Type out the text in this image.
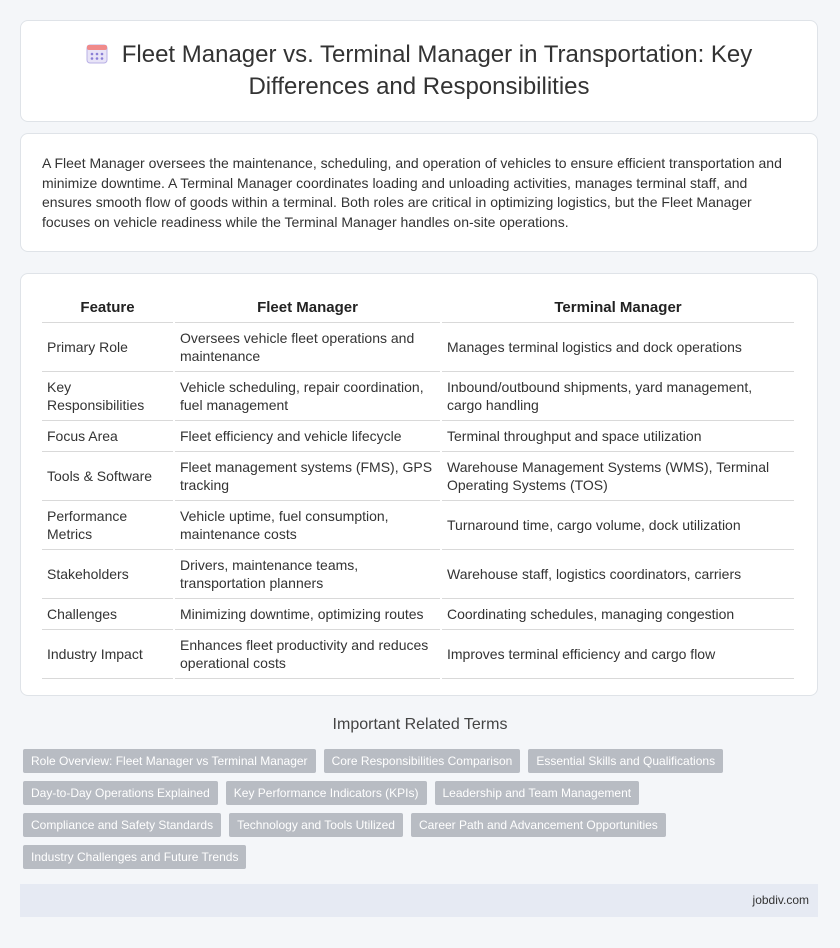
Fleet Manager vs. Terminal Manager in Transportation: Key Differences and Responsibilities

A Fleet Manager oversees the maintenance, scheduling, and operation of vehicles to ensure efficient transportation and minimize downtime. A Terminal Manager coordinates loading and unloading activities, manages terminal staff, and ensures smooth flow of goods within a terminal. Both roles are critical in optimizing logistics, but the Fleet Manager focuses on vehicle readiness while the Terminal Manager handles on-site operations.

Feature	Fleet Manager	Terminal Manager
Primary Role	Oversees vehicle fleet operations and maintenance	Manages terminal logistics and dock operations
Key Responsibilities	Vehicle scheduling, repair coordination, fuel management	Inbound/outbound shipments, yard management, cargo handling
Focus Area	Fleet efficiency and vehicle lifecycle	Terminal throughput and space utilization
Tools & Software	Fleet management systems (FMS), GPS tracking	Warehouse Management Systems (WMS), Terminal Operating Systems (TOS)
Performance Metrics	Vehicle uptime, fuel consumption, maintenance costs	Turnaround time, cargo volume, dock utilization
Stakeholders	Drivers, maintenance teams, transportation planners	Warehouse staff, logistics coordinators, carriers
Challenges	Minimizing downtime, optimizing routes	Coordinating schedules, managing congestion
Industry Impact	Enhances fleet productivity and reduces operational costs	Improves terminal efficiency and cargo flow
Important Related Terms
Role Overview: Fleet Manager vs Terminal Manager	Core Responsibilities Comparison	Essential Skills and Qualifications
Day-to-Day Operations Explained	Key Performance Indicators (KPIs)	Leadership and Team Management
Compliance and Safety Standards	Technology and Tools Utilized	Career Path and Advancement Opportunities
Industry Challenges and Future Trends
jobdiv.com
